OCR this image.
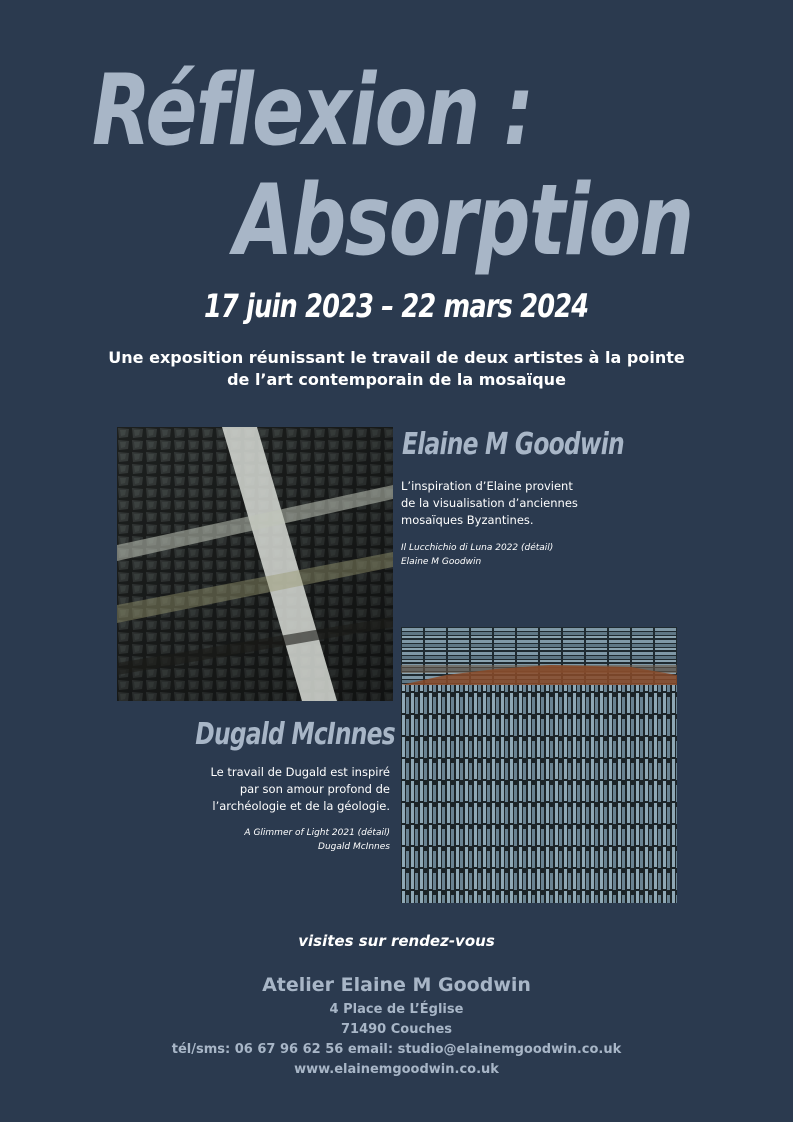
Réflexion :
Absorption
17 juin 2023 – 22 mars 2024
Une exposition réunissant le travail de deux artistes à la pointe
de l’art contemporain de la mosaïque
Elaine M Goodwin
L’inspiration d’Elaine provient
de la visualisation d’anciennes
mosaïques Byzantines.
Il Lucchichio di Luna 2022 (détail)
Elaine M Goodwin
Dugald McInnes
Le travail de Dugald est inspiré
par son amour profond de
l’archéologie et de la géologie.
A Glimmer of Light 2021 (détail)
Dugald McInnes
visites sur rendez-vous
Atelier Elaine M Goodwin
4 Place de L’Église
71490 Couches
tél/sms: 06 67 96 62 56 email: studio@elainemgoodwin.co.uk
www.elainemgoodwin.co.uk
